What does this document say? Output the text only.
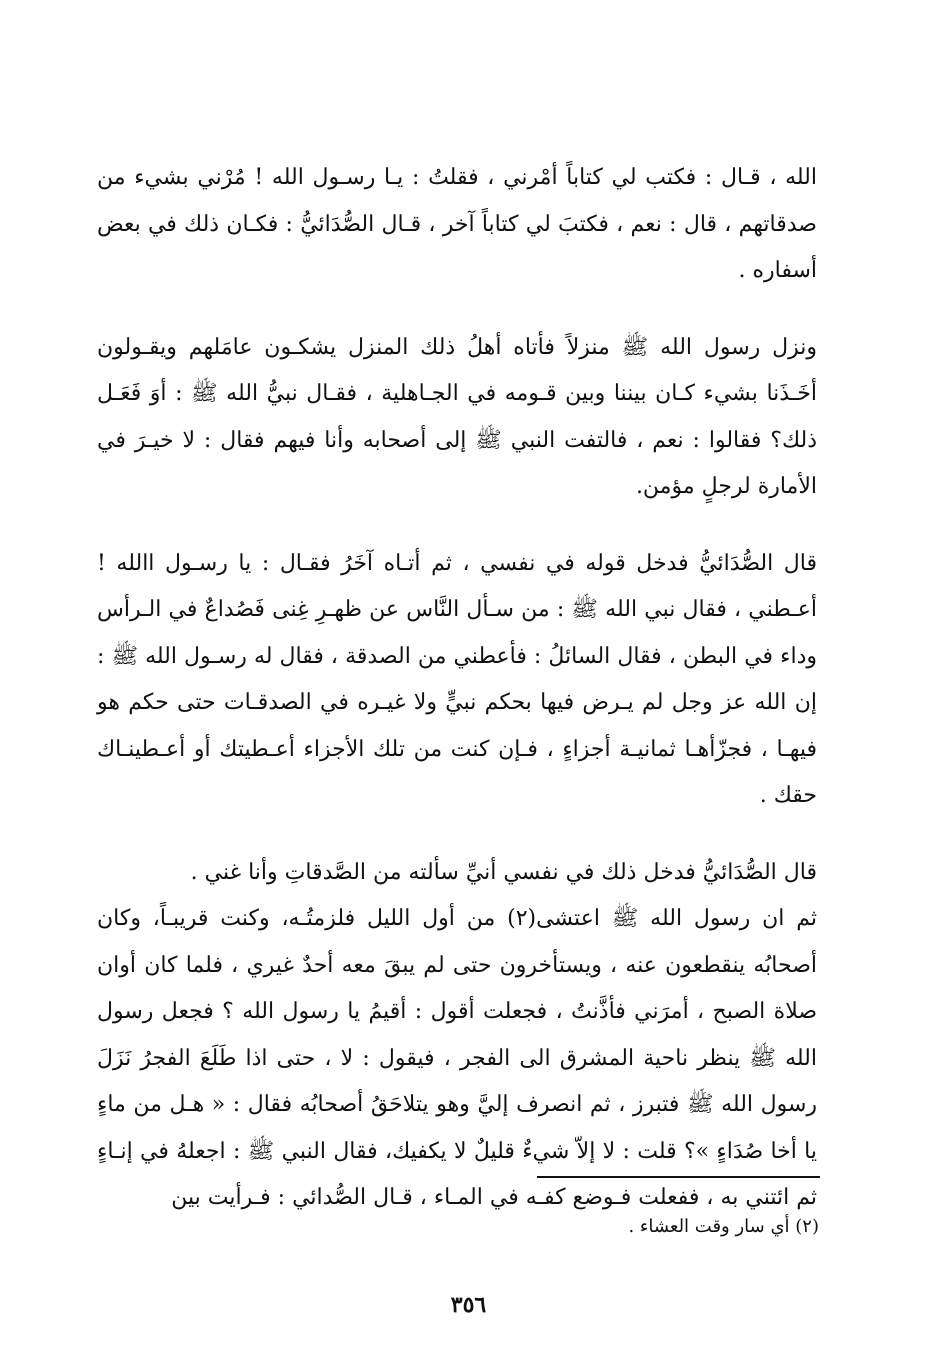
الله ، قـال : فكتب لي كتاباً أمْرني ، فقلتُ : يـا رسـول الله ! مُرْني بشيء من صدقاتهم ، قال : نعم ، فكتبَ لي كتاباً آخر ، قـال الصُّدَائيُّ : فكـان ذلك في بعض أسفاره .

ونزل رسول الله ﷺ منزلاً فأتاه أهلُ ذلك المنزل يشكـون عامَلهم ويقـولون أخَـذَنا بشيء كـان بيننا وبين قـومه في الجـاهلية ، فقـال نبيُّ الله ﷺ : أوَ فَعَـل ذلك؟ فقالوا : نعم ، فالتفت النبي ﷺ إلى أصحابه وأنا فيهم فقال : لا خيـرَ في الأمارة لرجلٍ مؤمن.

قال الصُّدَائيُّ فدخل قوله في نفسي ، ثم أتـاه آخَرُ فقـال : يا رسـول االله ! أعـطني ، فقال نبي الله ﷺ : من سـأل النَّاس عن ظهـرِ غِنى فَصُداعٌ في الـرأس وداء في البطن ، فقال السائلُ : فأعطني من الصدقة ، فقال له رسـول الله ﷺ : إن الله عز وجل لم يـرض فيها بحكم نبيٍّ ولا غيـره في الصدقـات حتى حكم هو فيهـا ، فجزّأهـا ثمانيـة أجزاءٍ ، فـإن كنت من تلك الأجزاء أعـطيتك أو أعـطينـاك حقك .

قال الصُّدَائيُّ فدخل ذلك في نفسي أنيِّ سألته من الصَّدقاتِ وأنا غني .

ثم ان رسول الله ﷺ اعتشى(٢) من أول الليل فلزمتُـه، وكنت قريبـاً، وكان أصحابُه ينقطعون عنه ، ويستأخرون حتى لم يبقَ معه أحدٌ غيري ، فلما كان أوان صلاة الصبح ، أمرَني فأذَّنتُ ، فجعلت أقول : أقيمُ يا رسول الله ؟ فجعل رسول الله ﷺ ينظر ناحية المشرق الى الفجر ، فيقول : لا ، حتى اذا طَلَعَ الفجرُ نَزَلَ رسول الله ﷺ فتبرز ، ثم انصرف إليَّ وهو يتلاحَقُ أصحابُه فقال : « هـل من ماءٍ يا أخا صُدَاءٍ »؟ قلت : لا إلاّ شيءٌ قليلٌ لا يكفيك، فقال النبي ﷺ : اجعلهُ في إنـاءٍ ثم ائتني به ، ففعلت فـوضع كفـه في المـاء ، قـال الصُّدائي : فـرأيت بين

(٢) أي سار وقت العشاء .
٣٥٦
